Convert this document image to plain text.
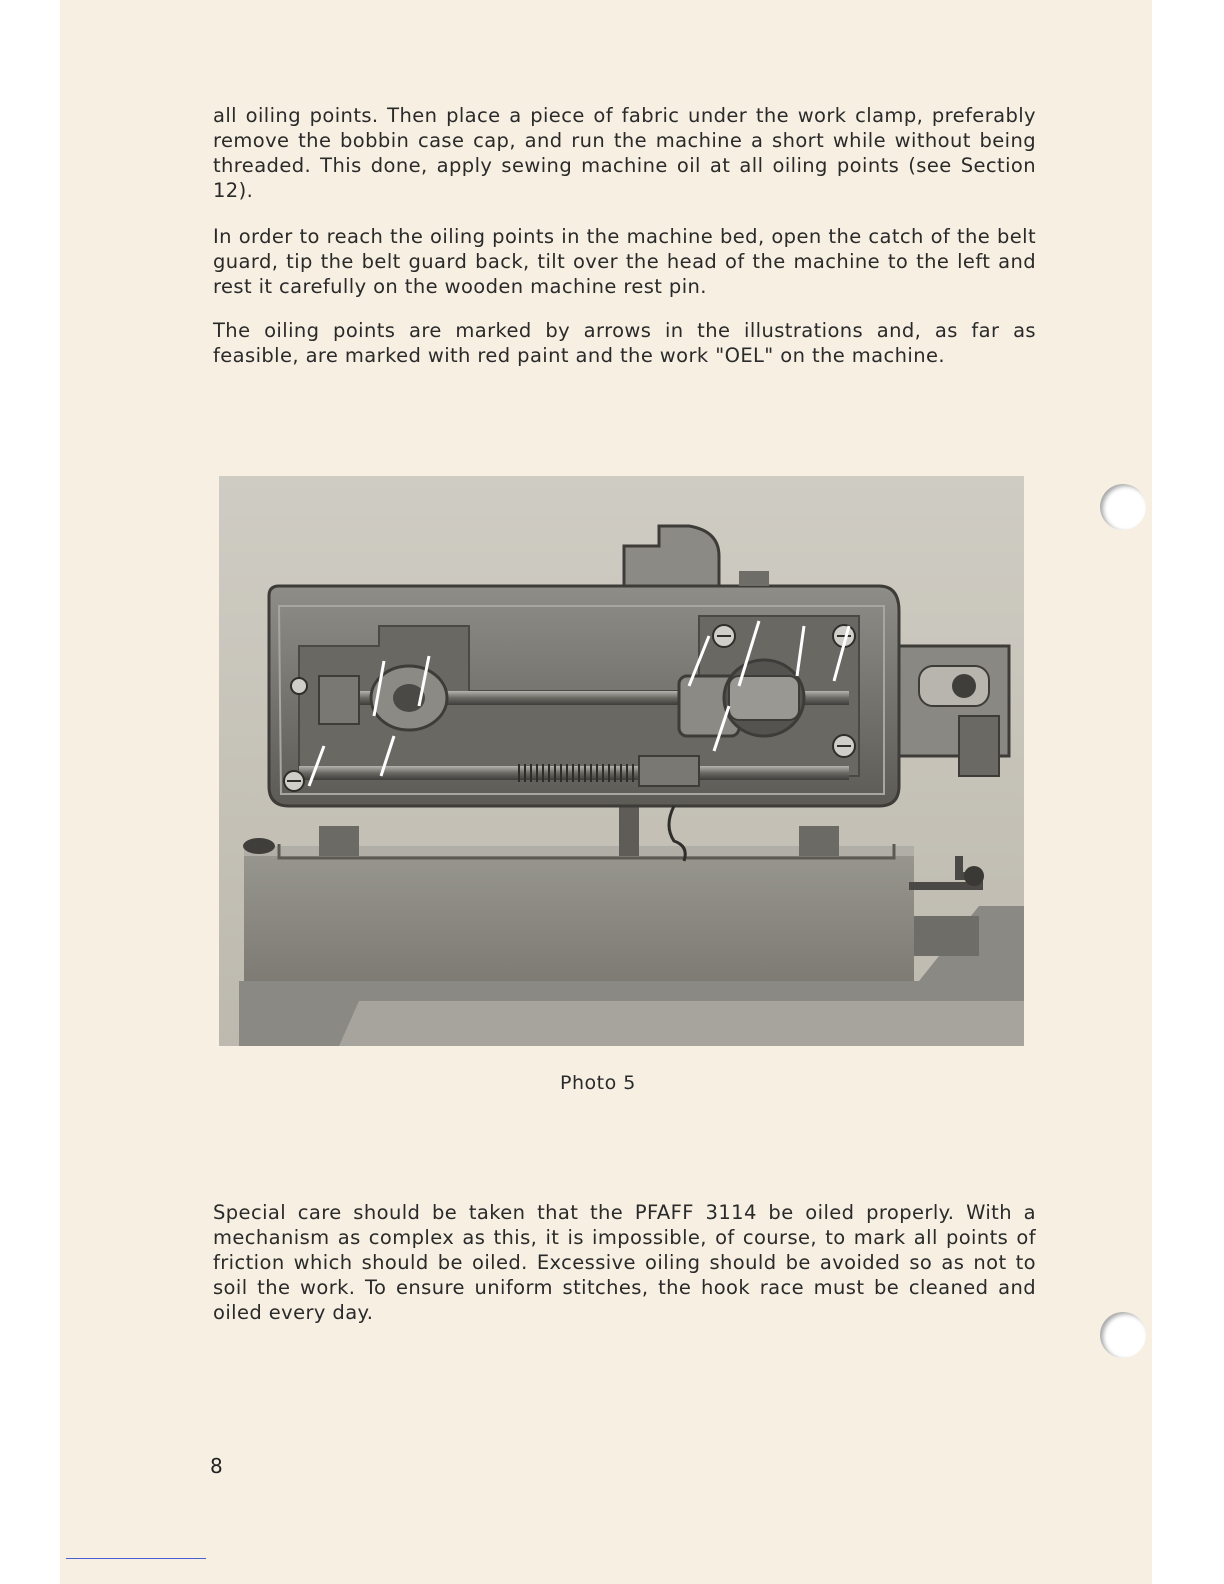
all oiling points. Then place a piece of fabric under the work clamp, preferably remove the bobbin case cap, and run the machine a short while without being threaded. This done, apply sewing machine oil at all oiling points (see Section 12).

In order to reach the oiling points in the machine bed, open the catch of the belt guard, tip the belt guard back, tilt over the head of the machine to the left and rest it carefully on the wooden machine rest pin.

The oiling points are marked by arrows in the illustrations and, as far as feasible, are marked with red paint and the work "OEL" on the machine.

Photo 5

Special care should be taken that the PFAFF 3114 be oiled properly. With a mechanism as complex as this, it is impossible, of course, to mark all points of friction which should be oiled. Excessive oiling should be avoided so as not to soil the work. To ensure uniform stitches, the hook race must be cleaned and oiled every day.

8
